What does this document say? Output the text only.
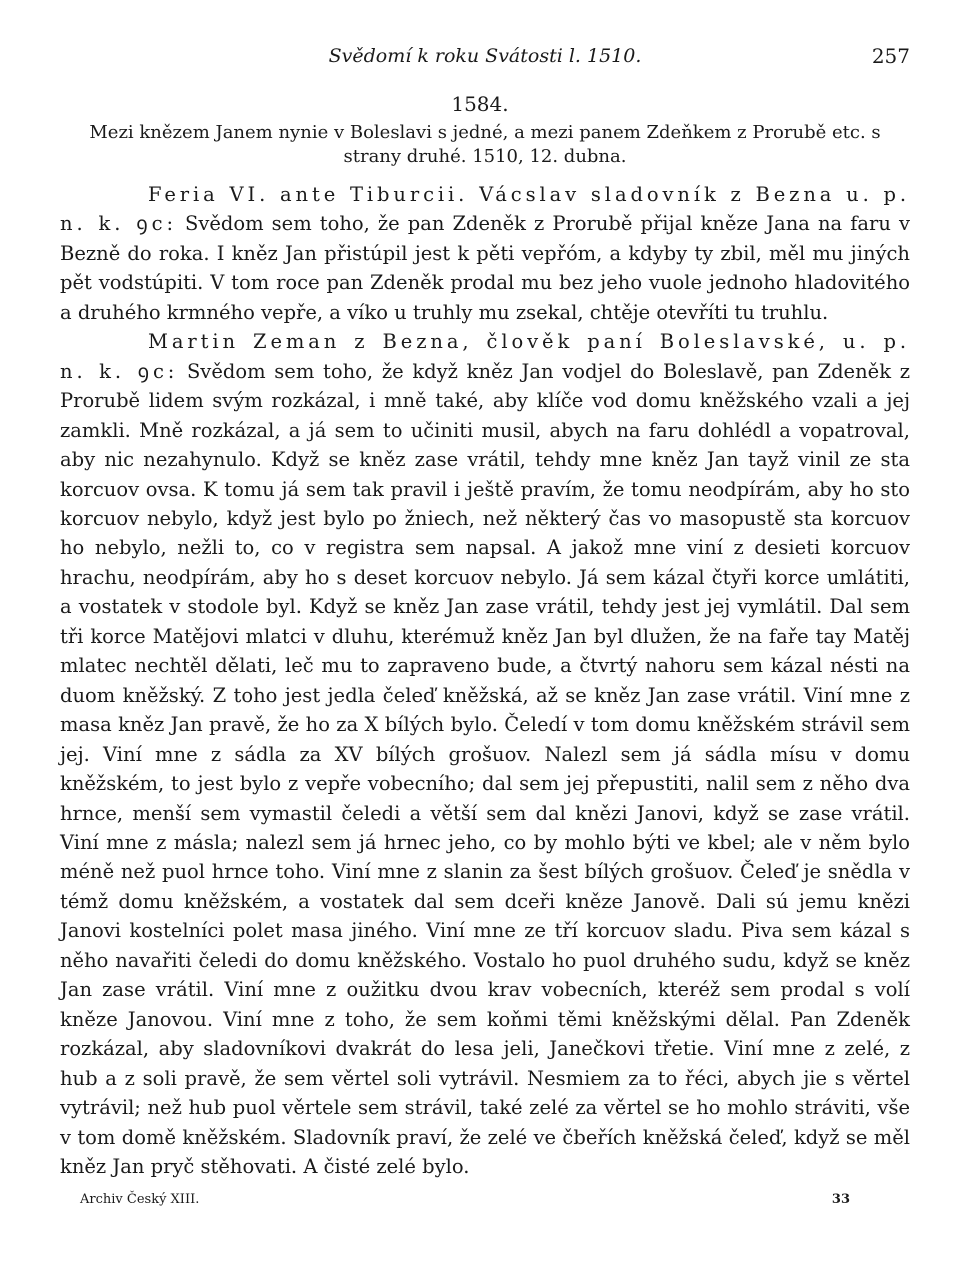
Svědomí k roku Svátosti l. 1510.	257
1584.
Mezi knězem Janem nynie v Boleslavi s jedné, a mezi panem Zdeňkem z Prorubě etc. s strany druhé. 1510, 12. dubna.

Feria VI. ante Tiburcii. Vácslav sladovník z Bezna u. p. n. k. ꝯc: Svědom sem toho, že pan Zdeněk z Prorubě přijal kněze Jana na faru v Bezně do roka. I kněz Jan přistúpil jest k pěti vepřóm, a kdyby ty zbil, měl mu jiných pět vodstúpiti. V tom roce pan Zdeněk prodal mu bez jeho vuole jednoho hladovitého a druhého krmného vepře, a víko u truhly mu zsekal, chtěje otevříti tu truhlu.

Martin Zeman z Bezna, člověk paní Boleslavské, u. p. n. k. ꝯc: Svědom sem toho, že když kněz Jan vodjel do Boleslavě, pan Zdeněk z Prorubě lidem svým rozkázal, i mně také, aby klíče vod domu kněžského vzali a jej zamkli. Mně rozkázal, a já sem to učiniti musil, abych na faru dohlédl a vopatroval, aby nic nezahynulo. Když se kněz zase vrátil, tehdy mne kněz Jan tayž vinil ze sta korcuov ovsa. K tomu já sem tak pravil i ještě pravím, že tomu neodpírám, aby ho sto korcuov nebylo, když jest bylo po žniech, než některý čas vo masopustě sta korcuov ho nebylo, nežli to, co v registra sem napsal. A jakož mne viní z desieti korcuov hrachu, neodpírám, aby ho s deset korcuov nebylo. Já sem kázal čtyři korce umlátiti, a vostatek v stodole byl. Když se kněz Jan zase vrátil, tehdy jest jej vymlátil. Dal sem tři korce Matějovi mlatci v dluhu, kterémuž kněz Jan byl dlužen, že na faře tay Matěj mlatec nechtěl dělati, leč mu to zapraveno bude, a čtvrtý nahoru sem kázal nésti na duom kněžský. Z toho jest jedla čeleď kněžská, až se kněz Jan zase vrátil. Viní mne z masa kněz Jan pravě, že ho za X bílých bylo. Čeledí v tom domu kněžském strávil sem jej. Viní mne z sádla za XV bílých grošuov. Nalezl sem já sádla mísu v domu kněžském, to jest bylo z vepře vobecního; dal sem jej přepustiti, nalil sem z něho dva hrnce, menší sem vymastil čeledi a větší sem dal knězi Janovi, když se zase vrátil. Viní mne z másla; nalezl sem já hrnec jeho, co by mohlo býti ve kbel; ale v něm bylo méně než puol hrnce toho. Viní mne z slanin za šest bílých grošuov. Čeleď je snědla v témž domu kněžském, a vostatek dal sem dceři kněze Janově. Dali sú jemu knězi Janovi kostelníci polet masa jiného. Viní mne ze tří korcuov sladu. Piva sem kázal s něho navařiti čeledi do domu kněžského. Vostalo ho puol druhého sudu, když se kněz Jan zase vrátil. Viní mne z oužitku dvou krav vobecních, kteréž sem prodal s volí kněze Janovou. Viní mne z toho, že sem koňmi těmi kněžskými dělal. Pan Zdeněk rozkázal, aby sladovníkovi dvakrát do lesa jeli, Janečkovi třetie. Viní mne z zelé, z hub a z soli pravě, že sem věrtel soli vytrávil. Nesmiem za to řéci, abych jie s věrtel vytrávil; než hub puol věrtele sem strávil, také zelé za věrtel se ho mohlo stráviti, vše v tom domě kněžském. Sladovník praví, že zelé ve čbeřích kněžská čeleď, když se měl kněz Jan pryč stěhovati. A čisté zelé bylo.

Archiv Český XIII.	33
